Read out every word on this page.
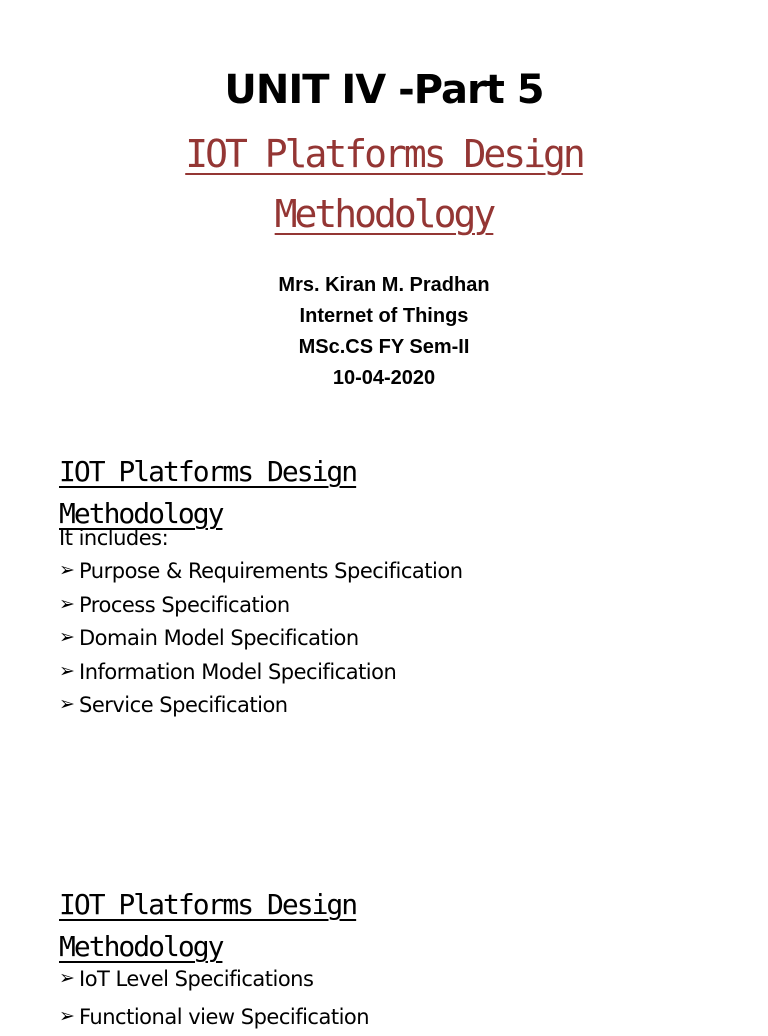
UNIT IV -Part 5
IOT Platforms Design
Methodology
Mrs. Kiran M. Pradhan
Internet of Things
MSc.CS FY Sem-II
10-04-2020
IOT Platforms Design
Methodology
It includes:
➢ Purpose & Requirements Specification
➢ Process Specification
➢ Domain Model Specification
➢ Information Model Specification
➢ Service Specification
IOT Platforms Design
Methodology
➢ IoT Level Specifications
➢ Functional view Specification
